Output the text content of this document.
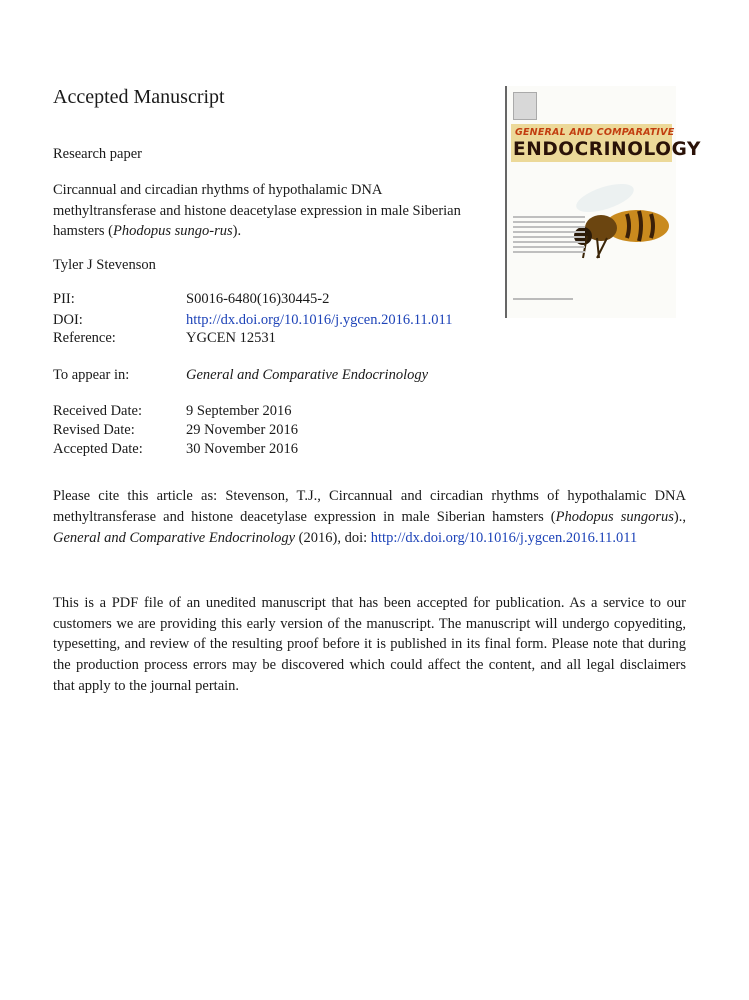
Accepted Manuscript
GENERAL AND COMPARATIVE
ENDOCRINOLOGY
Research paper
Circannual and circadian rhythms of hypothalamic DNA methyltransferase and histone deacetylase expression in male Siberian hamsters (Phodopus sungo-rus).
Tyler J Stevenson
PII:	S0016-6480(16)30445-2
DOI:	http://dx.doi.org/10.1016/j.ygcen.2016.11.011
Reference:	YGCEN 12531
To appear in:	General and Comparative Endocrinology
Received Date:	9 September 2016
Revised Date:	29 November 2016
Accepted Date:	30 November 2016
Please cite this article as: Stevenson, T.J., Circannual and circadian rhythms of hypothalamic DNA methyltransferase and histone deacetylase expression in male Siberian hamsters (Phodopus sungorus)., General and Comparative Endocrinology (2016), doi: http://dx.doi.org/10.1016/j.ygcen.2016.11.011
This is a PDF file of an unedited manuscript that has been accepted for publication. As a service to our customers we are providing this early version of the manuscript. The manuscript will undergo copyediting, typesetting, and review of the resulting proof before it is published in its final form. Please note that during the production process errors may be discovered which could affect the content, and all legal disclaimers that apply to the journal pertain.
